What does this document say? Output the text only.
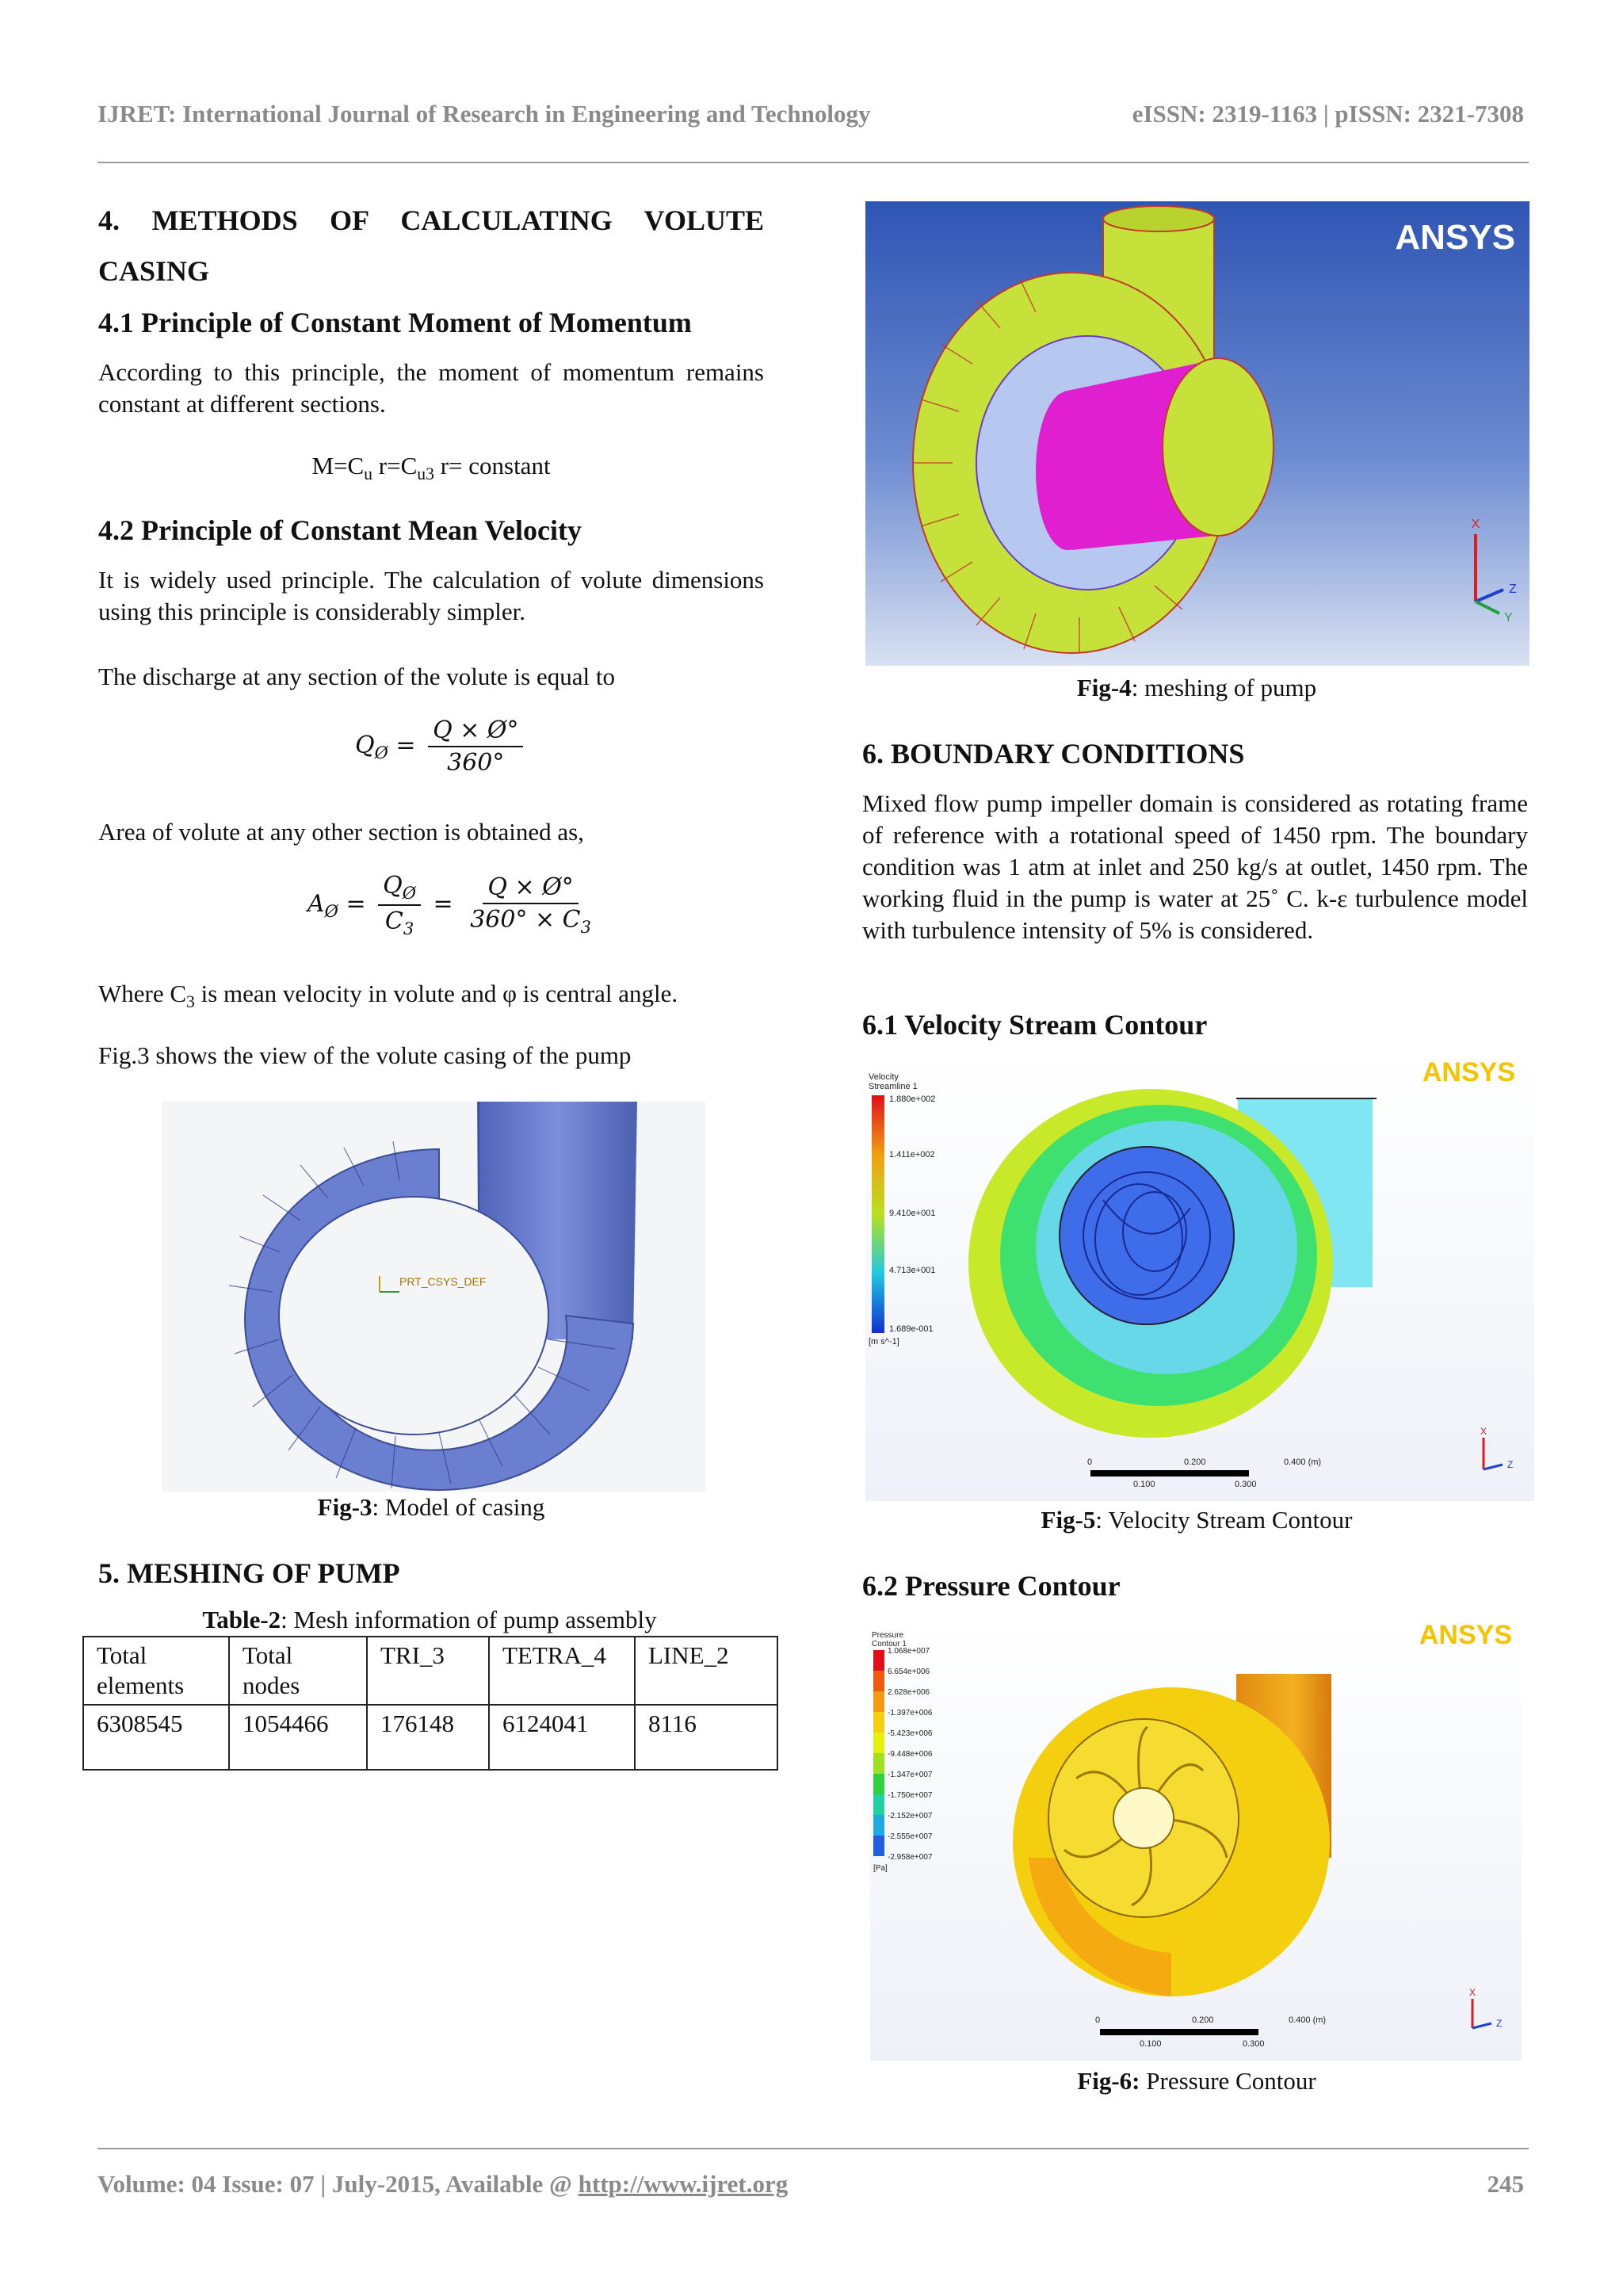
IJRET: International Journal of Research in Engineering and Technology	eISSN: 2319-1163 | pISSN: 2321-7308
4. METHODS OF CALCULATING VOLUTE
CASING
4.1 Principle of Constant Moment of Momentum
According to this principle, the moment of momentum remains constant at different sections.
$M=C_u$ $r=C_{u3}$ r= constant
4.2 Principle of Constant Mean Velocity
It is widely used principle. The calculation of volute dimensions using this principle is considerably simpler.
The discharge at any section of the volute is equal to
$Q_Ø = \frac{Q \times Ø^\circ}{360^\circ}$
Area of volute at any other section is obtained as,
$A_Ø = \frac{Q_Ø}{C_3} = \frac{Q \times Ø^\circ}{360^\circ \times C_3}$
Where $C_3$ is mean velocity in volute and φ is central angle.
Fig.3 shows the view of the volute casing of the pump
PRT_CSYS_DEF
Fig-3: Model of casing
5. MESHING OF PUMP
Table-2: Mesh information of pump assembly
Total elements	Total nodes	TRI_3	TETRA_4	LINE_2
6308545	1054466	176148	6124041	8116
ANSYS
X
Z
Y
Fig-4: meshing of pump
6. BOUNDARY CONDITIONS
Mixed flow pump impeller domain is considered as rotating frame of reference with a rotational speed of 1450 rpm. The boundary condition was 1 atm at inlet and 250 kg/s at outlet, 1450 rpm. The working fluid in the pump is water at 25˚ C. k-ε turbulence model with turbulence intensity of 5% is considered.
6.1 Velocity Stream Contour
ANSYS
Velocity
Streamline 1
1.880e+002
1.411e+002
9.410e+001
4.713e+001
1.689e-001
[m s^-1]
0	0.200	0.400 (m)
0.100	0.300
X
Z
Fig-5: Velocity Stream Contour
6.2 Pressure Contour
ANSYS
Pressure
Contour 1
1.068e+007
6.654e+006
2.628e+006
-1.397e+006
-5.423e+006
-9.448e+006
-1.347e+007
-1.750e+007
-2.152e+007
-2.555e+007
-2.958e+007
[Pa]
0	0.200	0.400 (m)
0.100	0.300
X
Z
Fig-6: Pressure Contour
Volume: 04 Issue: 07 | July-2015, Available @ http://www.ijret.org	245
